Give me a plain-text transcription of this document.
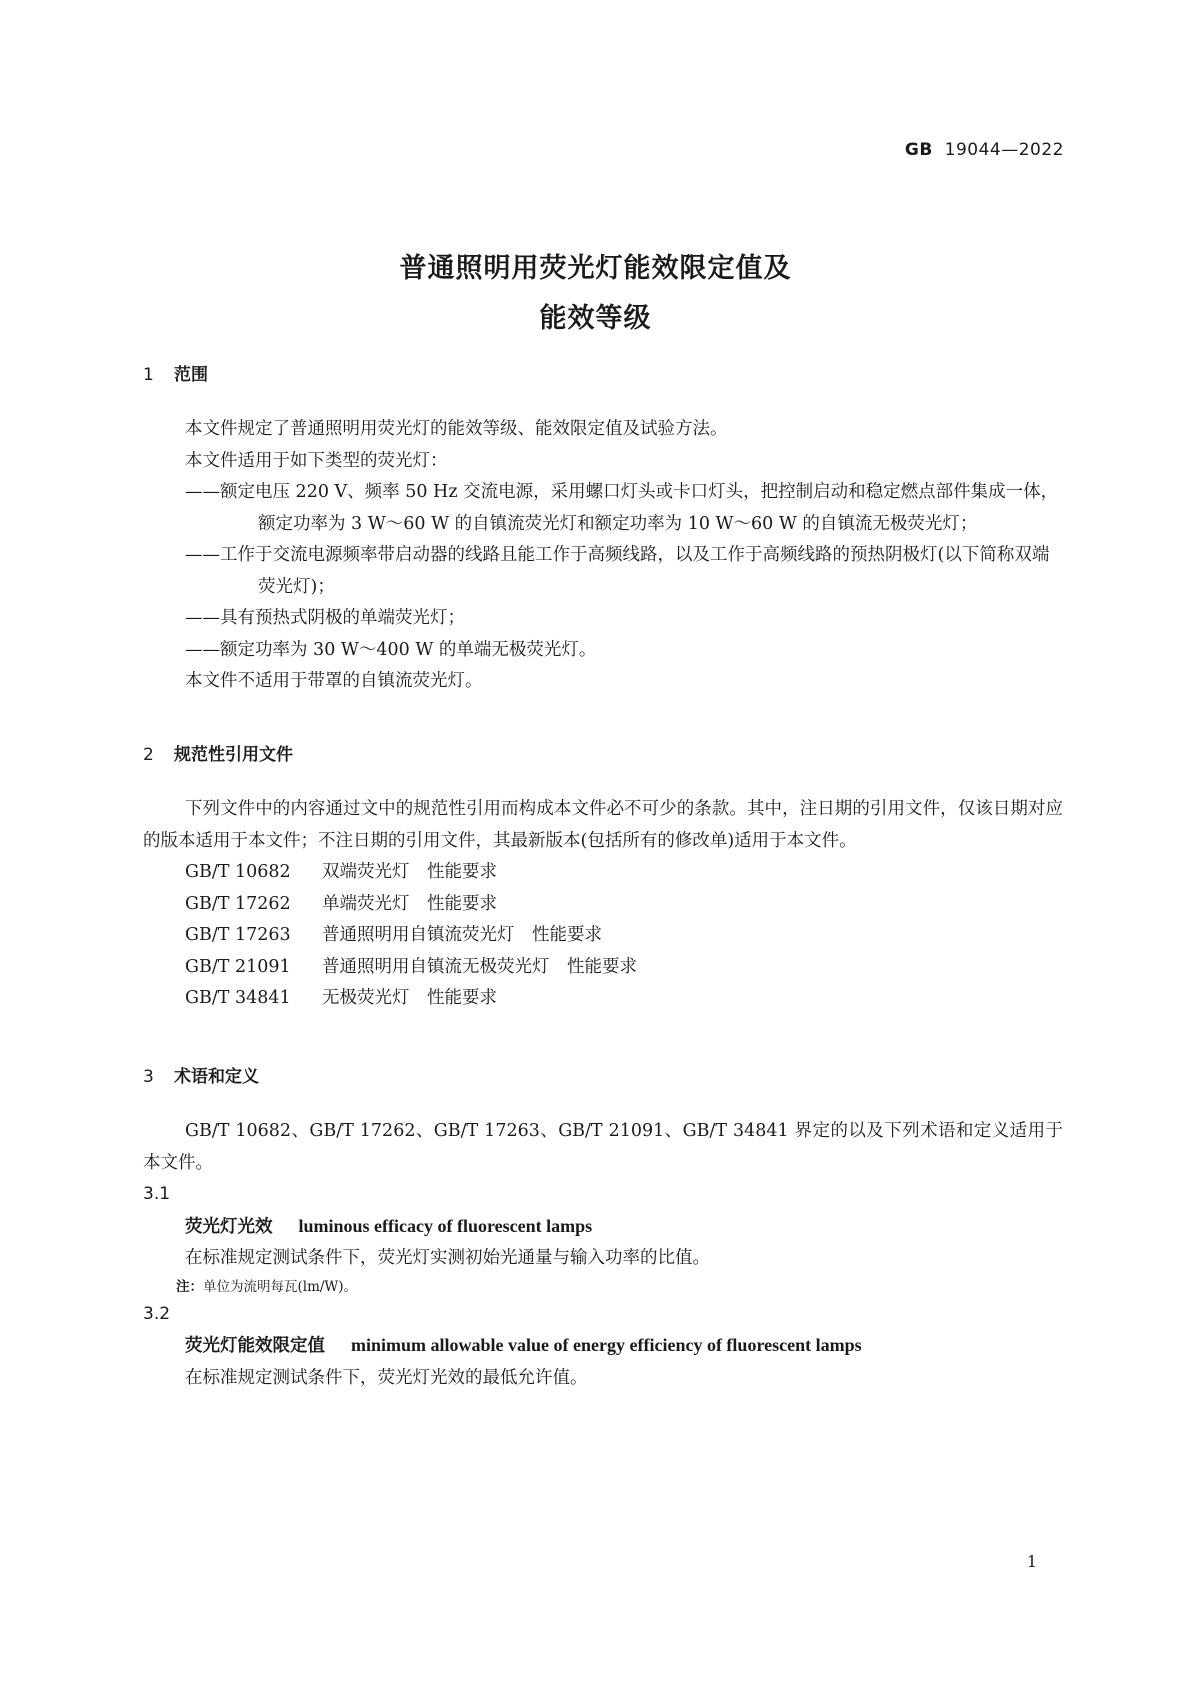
GB 19044—2022
普通照明用荧光灯能效限定值及
能效等级
1 范围

本文件规定了普通照明用荧光灯的能效等级、能效限定值及试验方法。

本文件适用于如下类型的荧光灯：

——额定电压 220 V、频率 50 Hz 交流电源，采用螺口灯头或卡口灯头，把控制启动和稳定燃点部件集成一体，额定功率为 3 W～60 W 的自镇流荧光灯和额定功率为 10 W～60 W 的自镇流无极荧光灯；

——工作于交流电源频率带启动器的线路且能工作于高频线路，以及工作于高频线路的预热阴极灯(以下简称双端荧光灯)；

——具有预热式阴极的单端荧光灯；

——额定功率为 30 W～400 W 的单端无极荧光灯。

本文件不适用于带罩的自镇流荧光灯。

2 规范性引用文件

下列文件中的内容通过文中的规范性引用而构成本文件必不可少的条款。其中，注日期的引用文件，仅该日期对应的版本适用于本文件；不注日期的引用文件，其最新版本(包括所有的修改单)适用于本文件。

GB/T 10682 双端荧光灯　性能要求
GB/T 17262 单端荧光灯　性能要求
GB/T 17263 普通照明用自镇流荧光灯　性能要求
GB/T 21091 普通照明用自镇流无极荧光灯　性能要求
GB/T 34841 无极荧光灯　性能要求
3 术语和定义

GB/T 10682、GB/T 17262、GB/T 17263、GB/T 21091、GB/T 34841 界定的以及下列术语和定义适用于本文件。

3.1
荧光灯光效 luminous efficacy of fluorescent lamps

在标准规定测试条件下，荧光灯实测初始光通量与输入功率的比值。

注：单位为流明每瓦(lm/W)。
3.2
荧光灯能效限定值 minimum allowable value of energy efficiency of fluorescent lamps

在标准规定测试条件下，荧光灯光效的最低允许值。

1
